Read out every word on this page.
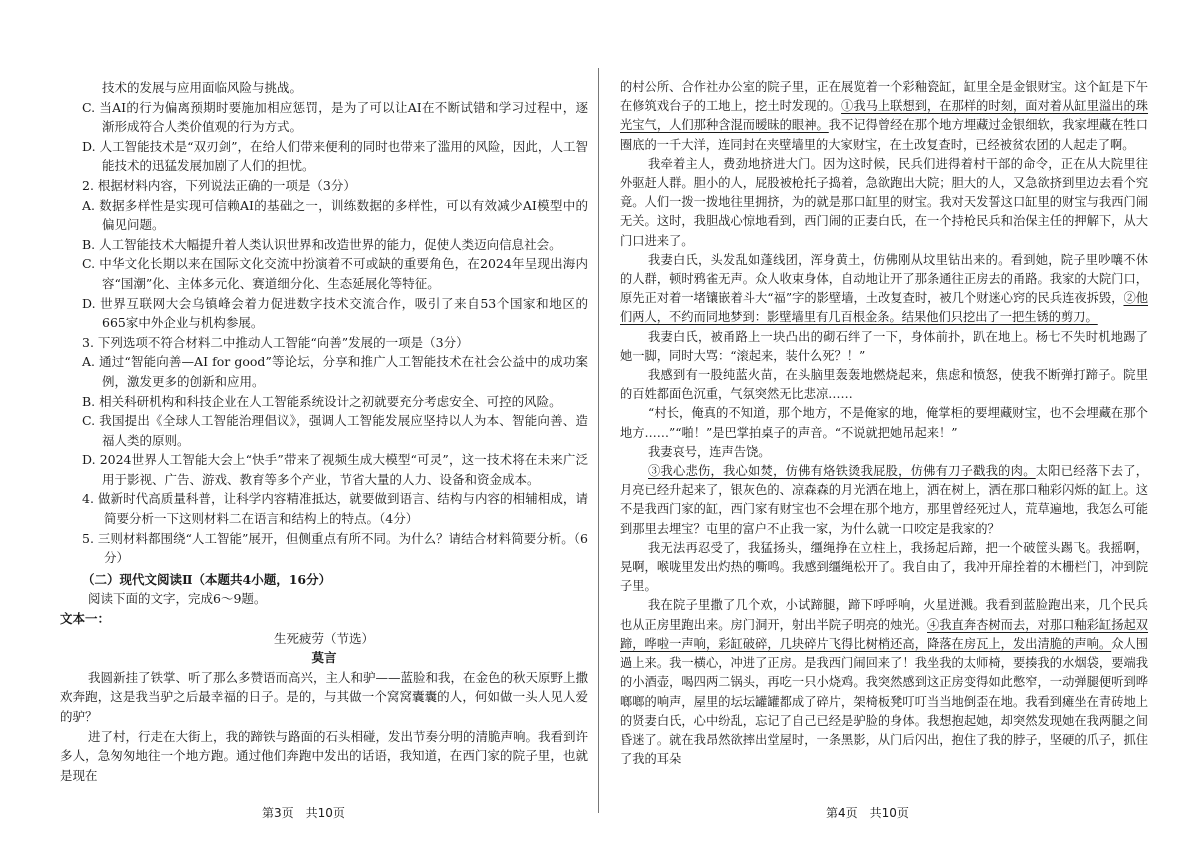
技术的发展与应用面临风险与挑战。

C. 当AI的行为偏离预期时要施加相应惩罚，是为了可以让AI在不断试错和学习过程中，逐渐形成符合人类价值观的行为方式。

D. 人工智能技术是“双刃剑”，在给人们带来便利的同时也带来了滥用的风险，因此，人工智能技术的迅猛发展加剧了人们的担忧。

2. 根据材料内容，下列说法正确的一项是（3分）

A. 数据多样性是实现可信赖AI的基础之一，训练数据的多样性，可以有效减少AI模型中的偏见问题。

B. 人工智能技术大幅提升着人类认识世界和改造世界的能力，促使人类迈向信息社会。

C. 中华文化长期以来在国际文化交流中扮演着不可或缺的重要角色，在2024年呈现出海内容“国潮”化、主体多元化、赛道细分化、生态延展化等特征。

D. 世界互联网大会乌镇峰会着力促进数字技术交流合作，吸引了来自53个国家和地区的665家中外企业与机构参展。

3. 下列选项不符合材料二中推动人工智能“向善”发展的一项是（3分）

A. 通过“智能向善—AI for good”等论坛，分享和推广人工智能技术在社会公益中的成功案例，激发更多的创新和应用。

B. 相关科研机构和科技企业在人工智能系统设计之初就要充分考虑安全、可控的风险。

C. 我国提出《全球人工智能治理倡议》，强调人工智能发展应坚持以人为本、智能向善、造福人类的原则。

D. 2024世界人工智能大会上“快手”带来了视频生成大模型“可灵”，这一技术将在未来广泛用于影视、广告、游戏、教育等多个产业，节省大量的人力、设备和资金成本。

4. 做新时代高质量科普，让科学内容精准抵达，就要做到语言、结构与内容的相辅相成，请简要分析一下这则材料二在语言和结构上的特点。（4分）

5. 三则材料都围绕“人工智能”展开，但侧重点有所不同。为什么？请结合材料简要分析。（6分）

（二）现代文阅读Ⅱ（本题共4小题，16分）

阅读下面的文字，完成6～9题。

文本一：

生死疲劳（节选）

莫言

我圆新挂了铁掌、听了那么多赞语而高兴，主人和驴——蓝脸和我，在金色的秋天原野上撒欢奔跑，这是我当驴之后最幸福的日子。是的，与其做一个窝窝囊囊的人，何如做一头人见人爱的驴？

进了村，行走在大街上，我的蹄铁与路面的石头相碰，发出节奏分明的清脆声响。我看到许多人，急匆匆地往一个地方跑。通过他们奔跑中发出的话语，我知道，在西门家的院子里，也就是现在

的村公所、合作社办公室的院子里，正在展览着一个彩釉瓷缸，缸里全是金银财宝。这个缸是下午在修筑戏台子的工地上，挖土时发现的。①我马上联想到，在那样的时刻，面对着从缸里溢出的珠光宝气，人们那种含混而暧昧的眼神。我不记得曾经在那个地方埋藏过金银细软，我家埋藏在牲口圈底的一千大洋，连同封在夹壁墙里的大家财宝，在土改复查时，已经被贫农团的人起走了啊。

我牵着主人，费劲地挤进大门。因为这时候，民兵们进得着村干部的命令，正在从大院里往外驱赶人群。胆小的人，屁股被枪托子捣着，急欲跑出大院；胆大的人，又急欲挤到里边去看个究竟。人们一拨一拨地往里拥挤，为的就是那口缸里的财宝。我对天发誓这口缸里的财宝与我西门闹无关。这时，我胆战心惊地看到，西门闹的正妻白氏，在一个持枪民兵和治保主任的押解下，从大门口进来了。

我妻白氏，头发乱如蓬线团，浑身黄土，仿佛刚从坟里钻出来的。看到她，院子里吵嚷不休的人群，顿时鸦雀无声。众人收束身体，自动地让开了那条通往正房去的甬路。我家的大院门口，原先正对着一堵镶嵌着斗大“福”字的影壁墙，土改复查时，被几个财迷心窍的民兵连夜拆毁，②他们两人，不约而同地梦到：影壁墙里有几百根金条。结果他们只挖出了一把生锈的剪刀。

我妻白氏，被甬路上一块凸出的砌石绊了一下，身体前扑，趴在地上。杨七不失时机地踢了她一脚，同时大骂：“滚起来，装什么死？！”

我感到有一股纯蓝火苗，在头脑里轰轰地燃烧起来，焦虑和愤怒，使我不断弹打蹄子。院里的百姓都面色沉重，气氛突然无比悲凉……

“村长，俺真的不知道，那个地方，不是俺家的地，俺掌柜的要埋藏财宝，也不会埋藏在那个地方……”“啪！”是巴掌拍桌子的声音。“不说就把她吊起来！”

我妻哀号，连声告饶。

③我心悲伤，我心如焚，仿佛有烙铁烫我屁股，仿佛有刀子戳我的肉。太阳已经落下去了，月亮已经升起来了，银灰色的、凉森森的月光洒在地上，洒在树上，洒在那口釉彩闪烁的缸上。这不是我西门家的缸，西门家有财宝也不会埋在那个地方，那里曾经死过人，荒草遍地，我怎么可能到那里去埋宝？屯里的富户不止我一家，为什么就一口咬定是我家的？

我无法再忍受了，我猛扬头，缰绳挣在立柱上，我扬起后蹄，把一个破筐头踢飞。我摇啊，晃啊，喉咙里发出灼热的嘶鸣。我感到缰绳松开了。我自由了，我冲开扉拴着的木栅栏门，冲到院子里。

我在院子里撒了几个欢，小试蹄腿，蹄下呼呼响，火星迸溅。我看到蓝脸跑出来，几个民兵也从正房里跑出来。房门洞开，射出半院子明亮的烛光。④我直奔杏树而去，对那口釉彩缸扬起双蹄，哗啦一声响，彩缸破碎，几块碎片飞得比树梢还高，降落在房瓦上，发出清脆的声响。众人围過上来。我一横心，冲进了正房。是我西门闹回来了！我坐我的太师椅，要揍我的水烟袋，要端我的小酒壶，喝四两二锅头，再吃一只小烧鸡。我突然感到这正房变得如此憋窄，一动弹腿便听到哗啷啷的响声，屋里的坛坛罐罐都成了碎片，架椅板凳叮叮当当地倒歪在地。我看到瘫坐在青砖地上的贤妻白氏，心中纷乱，忘记了自己已经是驴脸的身体。我想抱起她，却突然发现她在我两腿之间昏迷了。就在我昂然欲摔出堂屋时，一条黑影，从门后闪出，抱住了我的脖子，坚硬的爪子，抓住了我的耳朵

第3页　共10页	第4页　共10页
